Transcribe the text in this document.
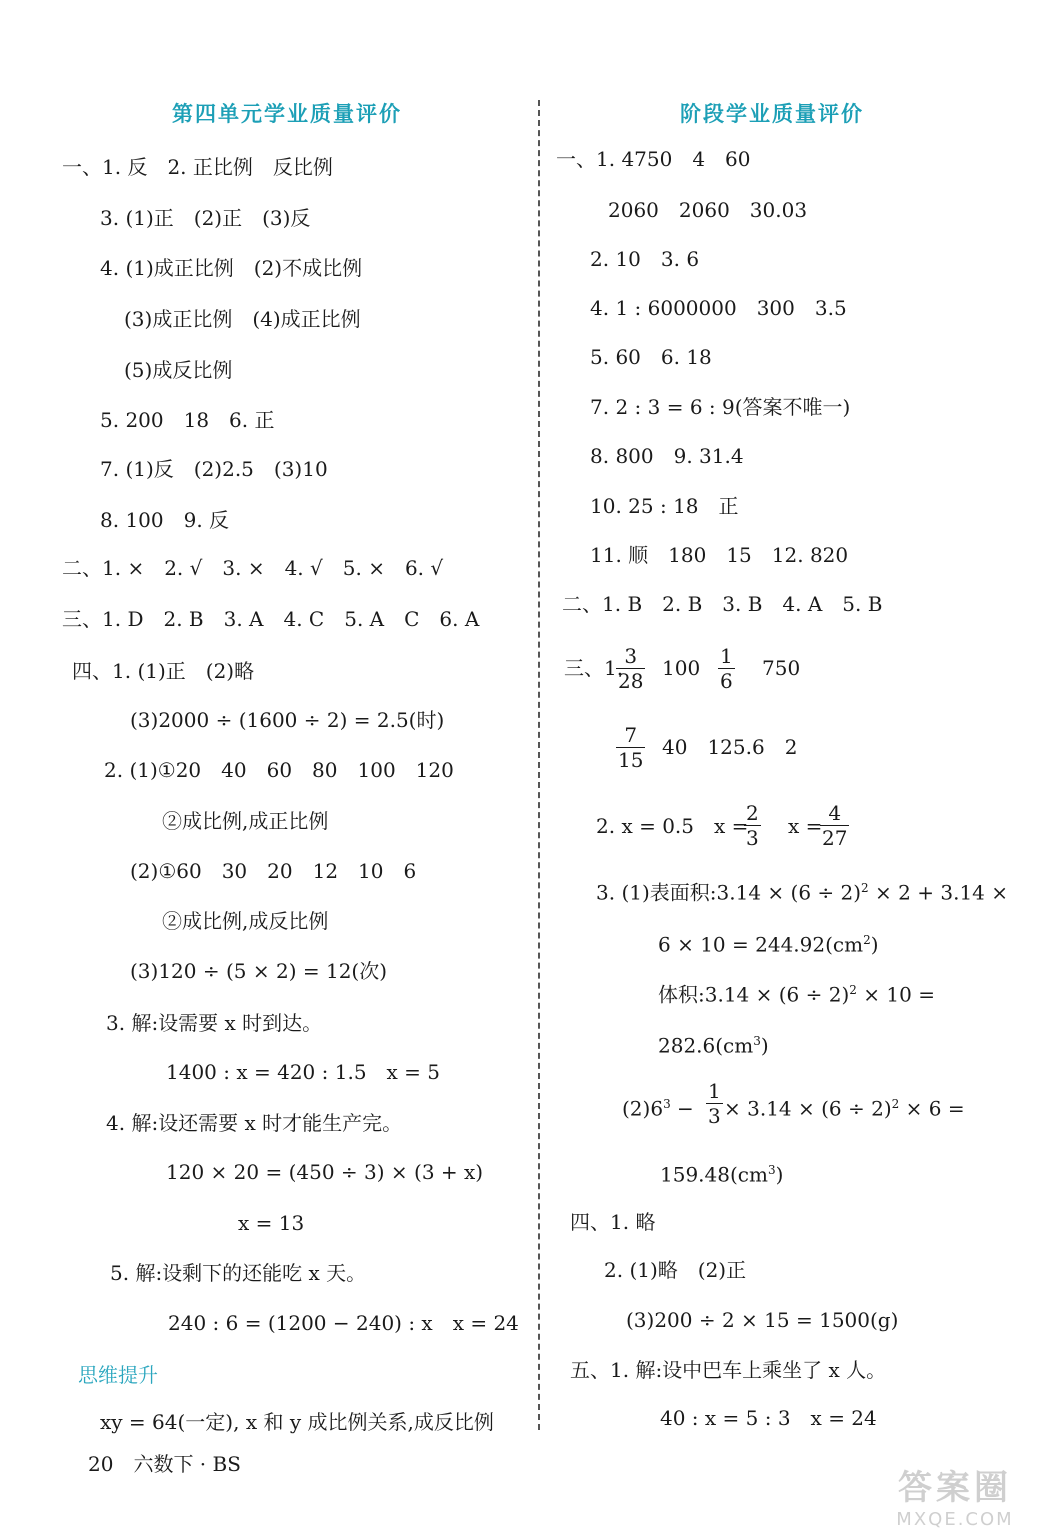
第四单元学业质量评价
一、1. 反　2. 正比例　反比例
3. (1)正　(2)正　(3)反
4. (1)成正比例　(2)不成比例
(3)成正比例　(4)成正比例
(5)成反比例
5. 200　18　6. 正
7. (1)反　(2)2.5　(3)10
8. 100　9. 反
二、1. ×　2. √　3. ×　4. √　5. ×　6. √
三、1. D　2. B　3. A　4. C　5. A　C　6. A
四、1. (1)正　(2)略
(3)2000 ÷ (1600 ÷ 2) = 2.5(时)
2. (1)①20　40　60　80　100　120
②成比例,成正比例
(2)①60　30　20　12　10　6
②成比例,成反比例
(3)120 ÷ (5 × 2) = 12(次)
3. 解:设需要 x 时到达。
1400 : x = 420 : 1.5　x = 5
4. 解:设还需要 x 时才能生产完。
120 × 20 = (450 ÷ 3) × (3 + x)
x = 13
5. 解:设剩下的还能吃 x 天。
240 : 6 = (1200 − 240) : x　x = 24
思维提升
xy = 64(一定), x 和 y 成比例关系,成反比例
阶段学业质量评价
一、1. 4750　4　60
2060　2060　30.03
2. 10　3. 6
4. 1 : 6000000　300　3.5
5. 60　6. 18
7. 2 : 3 = 6 : 9(答案不唯一)
8. 800　9. 31.4
10. 25 : 18　正
11. 顺　180　15　12. 820
二、1. B　2. B　3. B　4. A　5. B
三、1. 3
28
100 1
6
750
7
15
40　125.6　2
2. x = 0.5　x =
2
3 x =
4
27
3. (1)表面积:3.14 × $(6 \div 2)^2 \times 2 + 3.14$ ×
$6 \times 10 = 244.92(cm^2)$
体积:3.14 × $(6 \div 2)^2 \times 10$ =
$282.6(cm^3)$
$(2)6^3$ −
1
$3 \times 3.14 \times (6 \div 2)^2 \times 6$ =
$159.48(cm^3)$
四、1. 略
2. (1)略　(2)正
(3)200 ÷ 2 × 15 = 1500(g)
五、1. 解:设中巴车上乘坐了 x 人。
40 : x = 5 : 3　x = 24
20　六数下 · BS
答案圈
MXQE.COM
